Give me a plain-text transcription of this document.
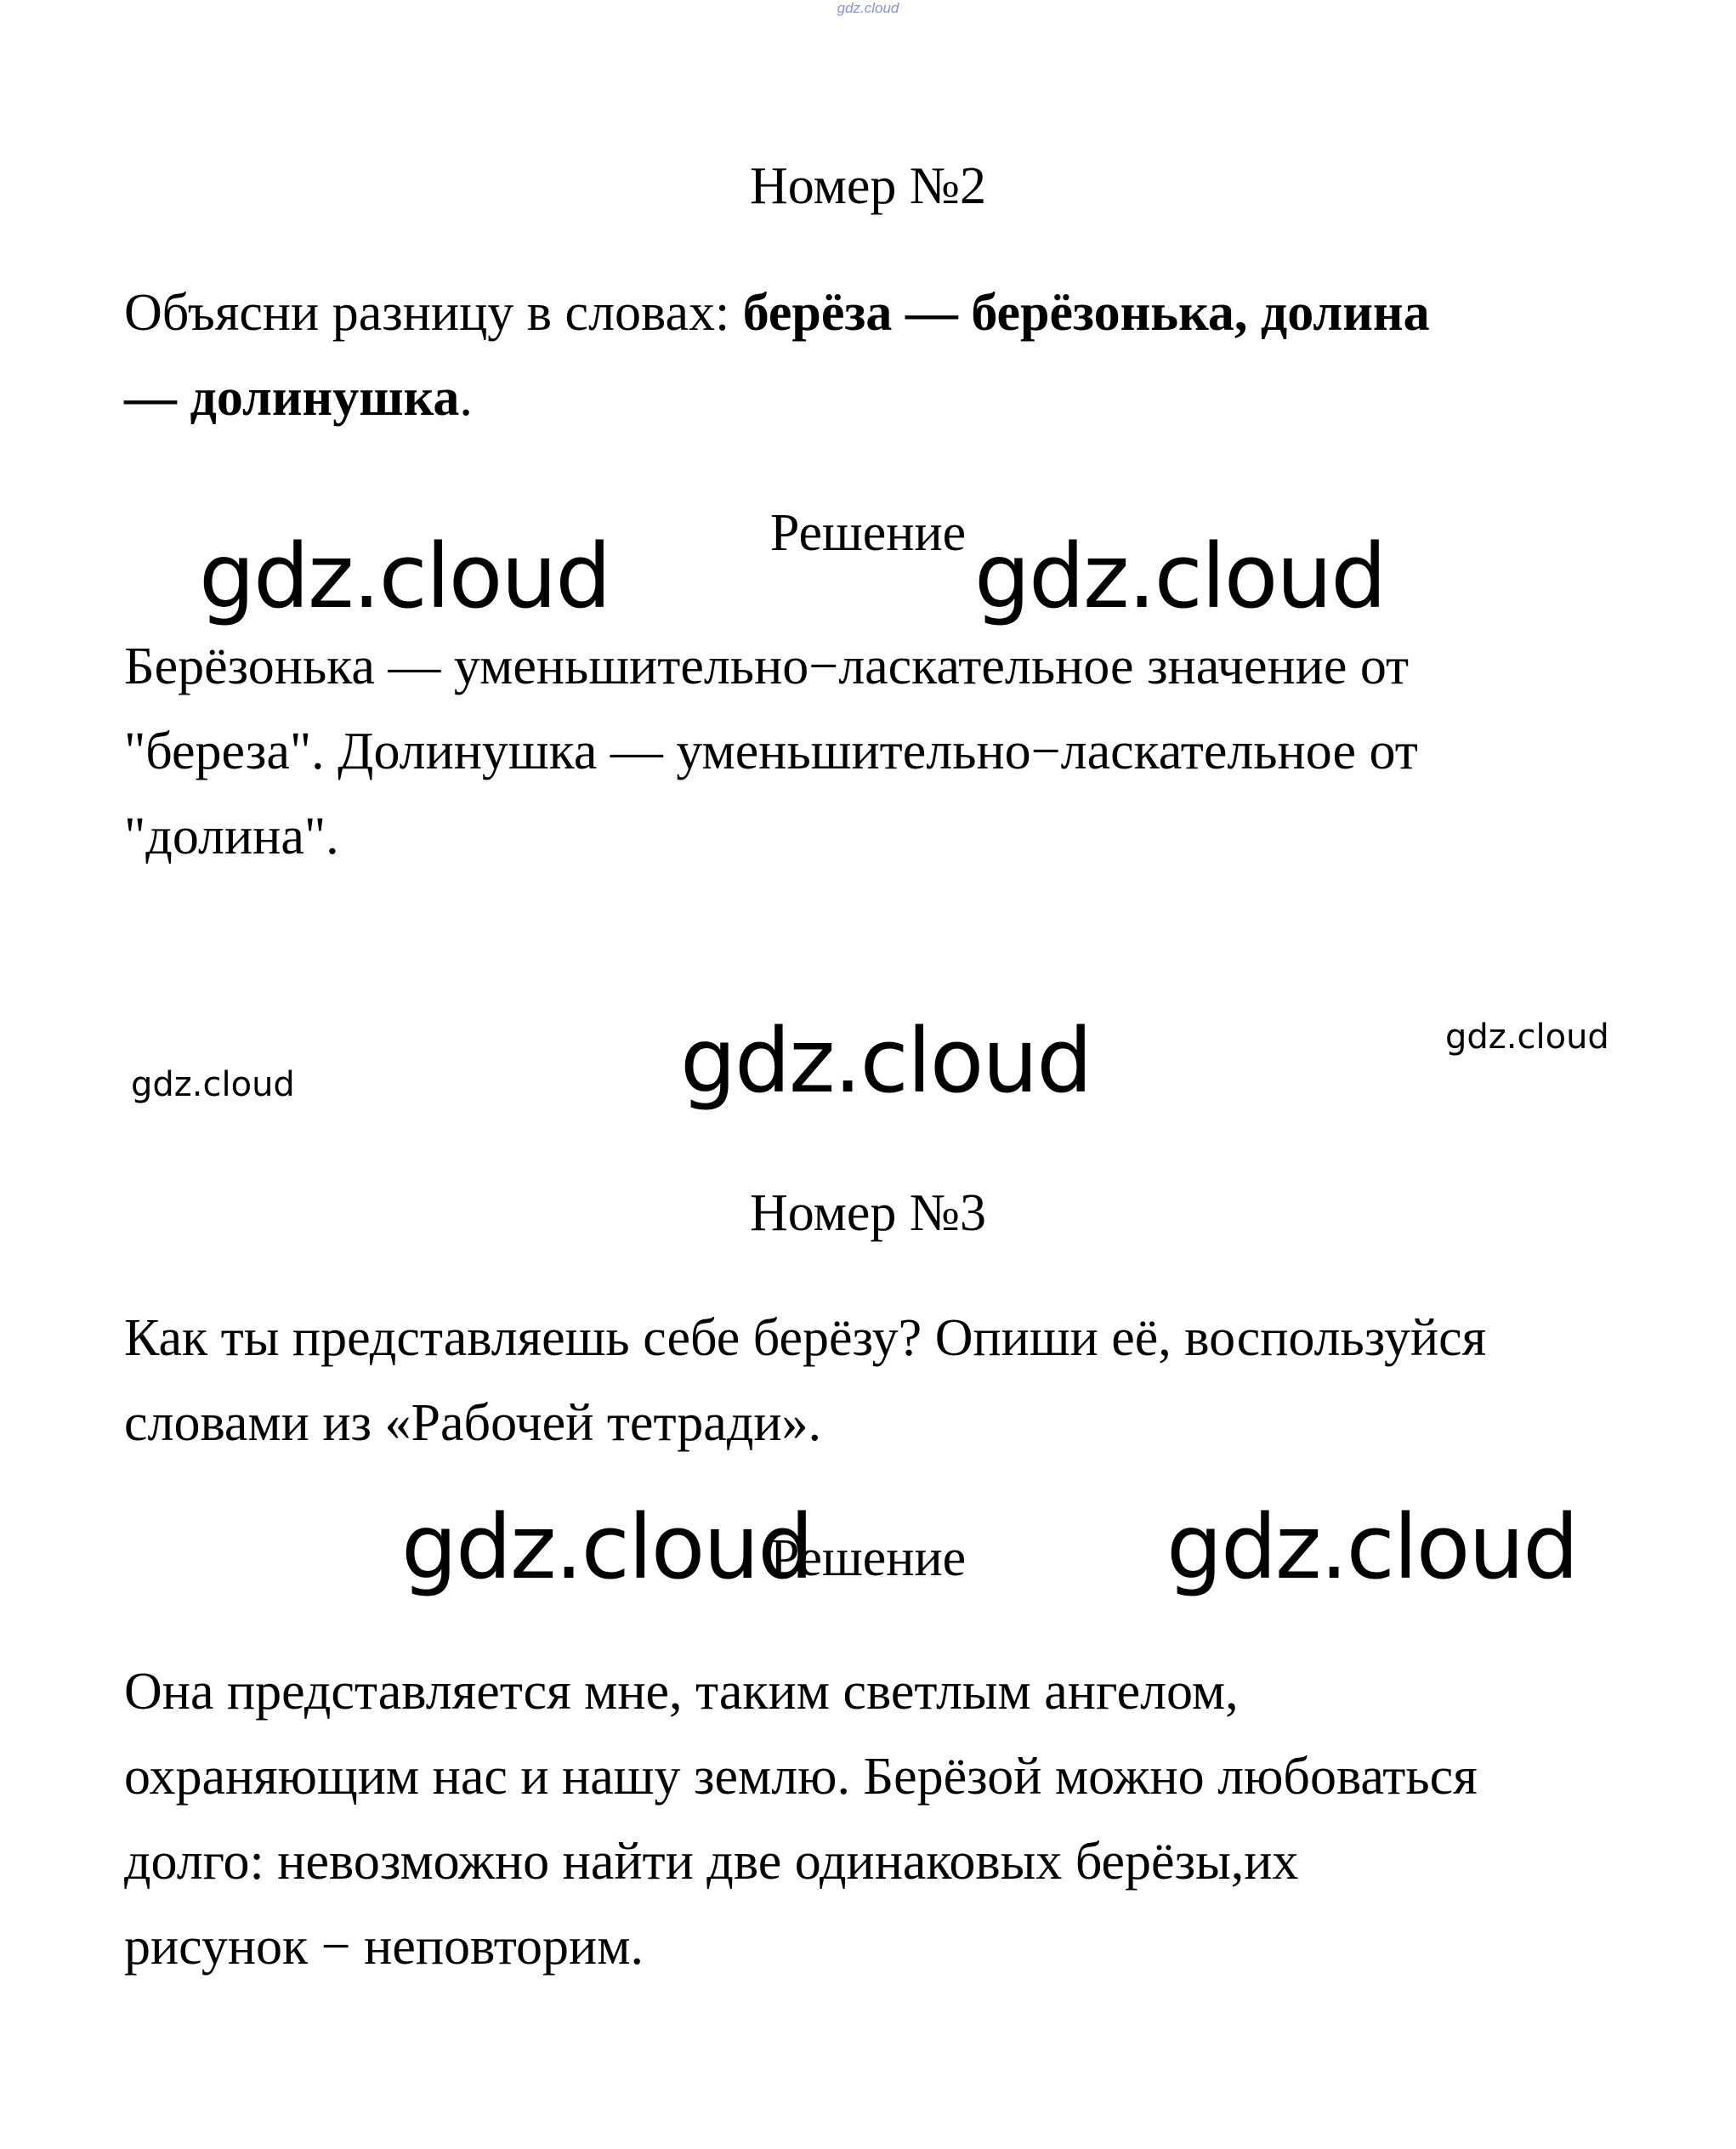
gdz.cloud
Номер №2
Объясни разницу в словах: берёза — берёзонька, долина
— долинушка.
Решение
Берёзонька — уменьшительно−ласкательное значение от
"береза". Долинушка — уменьшительно−ласкательное от
"долина".
Номер №3
Как ты представляешь себе берёзу? Опиши её, воспользуйся
словами из «Рабочей тетради».
Решение
Она представляется мне, таким светлым ангелом,
охраняющим нас и нашу землю. Берёзой можно любоваться
долго: невозможно найти две одинаковых берёзы,их
рисунок − неповторим.
gdz.cloud	gdz.cloud
gdz.cloud
gdz.cloud
gdz.cloud
gdz.cloud	gdz.cloud
